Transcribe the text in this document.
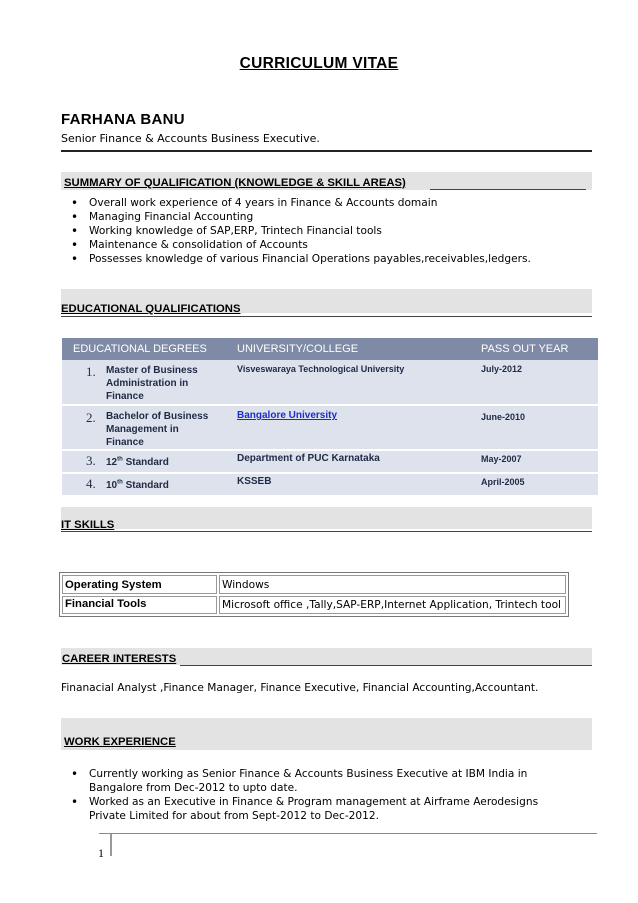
CURRICULUM VITAE
FARHANA BANU
Senior Finance & Accounts Business Executive.
SUMMARY OF QUALIFICATION (KNOWLEDGE & SKILL AREAS)
• Overall work experience of 4 years in Finance & Accounts domain
• Managing Financial Accounting
• Working knowledge of SAP,ERP, Trintech Financial tools
• Maintenance & consolidation of Accounts
• Possesses knowledge of various Financial Operations payables,receivables,ledgers.
EDUCATIONAL QUALIFICATIONS
EDUCATIONAL DEGREES	UNIVERSITY/COLLEGE	PASS OUT YEAR

1. Master of Business Administration in Finance	Visveswaraya Technological University	July-2012

2. Bachelor of Business Management in Finance	Bangalore University	June-2010
3. 12th Standard	Department of PUC Karnataka	May-2007
4. 10th Standard	KSSEB	April-2005
IT SKILLS
Operating System	Windows
Financial Tools	Microsoft office ,Tally,SAP-ERP,Internet Application, Trintech tool
CAREER INTERESTS
Finanacial Analyst ,Finance Manager, Finance Executive, Financial Accounting,Accountant.
WORK EXPERIENCE
• Currently working as Senior Finance & Accounts Business Executive at IBM India in Bangalore from Dec-2012 to upto date.
• Worked as an Executive in Finance & Program management at Airframe Aerodesigns Private Limited for about from Sept-2012 to Dec-2012.
1
